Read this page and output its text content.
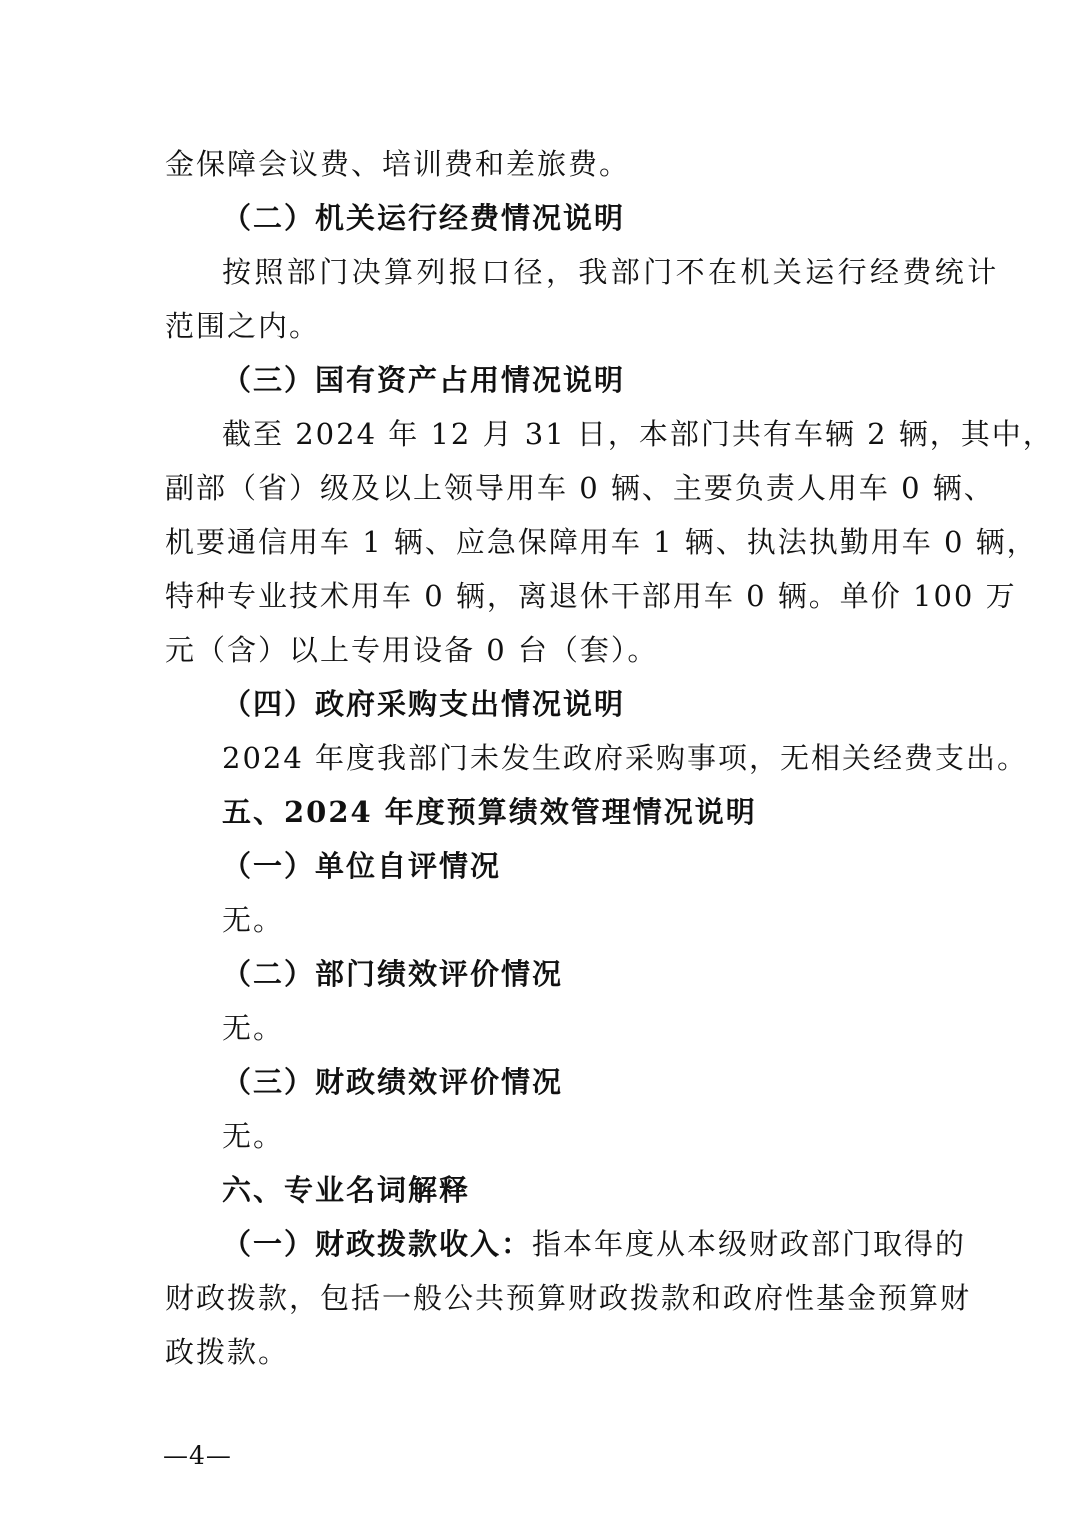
金保障会议费、培训费和差旅费。
（二）机关运行经费情况说明
按照部门决算列报口径，我部门不在机关运行经费统计
范围之内。
（三）国有资产占用情况说明
截至 2024 年 12 月 31 日，本部门共有车辆 2 辆，其中，
副部（省）级及以上领导用车 0 辆、主要负责人用车 0 辆、
机要通信用车 1 辆、应急保障用车 1 辆、执法执勤用车 0 辆，
特种专业技术用车 0 辆，离退休干部用车 0 辆。单价 100 万
元（含）以上专用设备 0 台（套）。
（四）政府采购支出情况说明
2024 年度我部门未发生政府采购事项，无相关经费支出。
五、2024 年度预算绩效管理情况说明
（一）单位自评情况
无。
（二）部门绩效评价情况
无。
（三）财政绩效评价情况
无。
六、专业名词解释
（一）财政拨款收入：指本年度从本级财政部门取得的
财政拨款，包括一般公共预算财政拨款和政府性基金预算财
政拨款。
—4—
